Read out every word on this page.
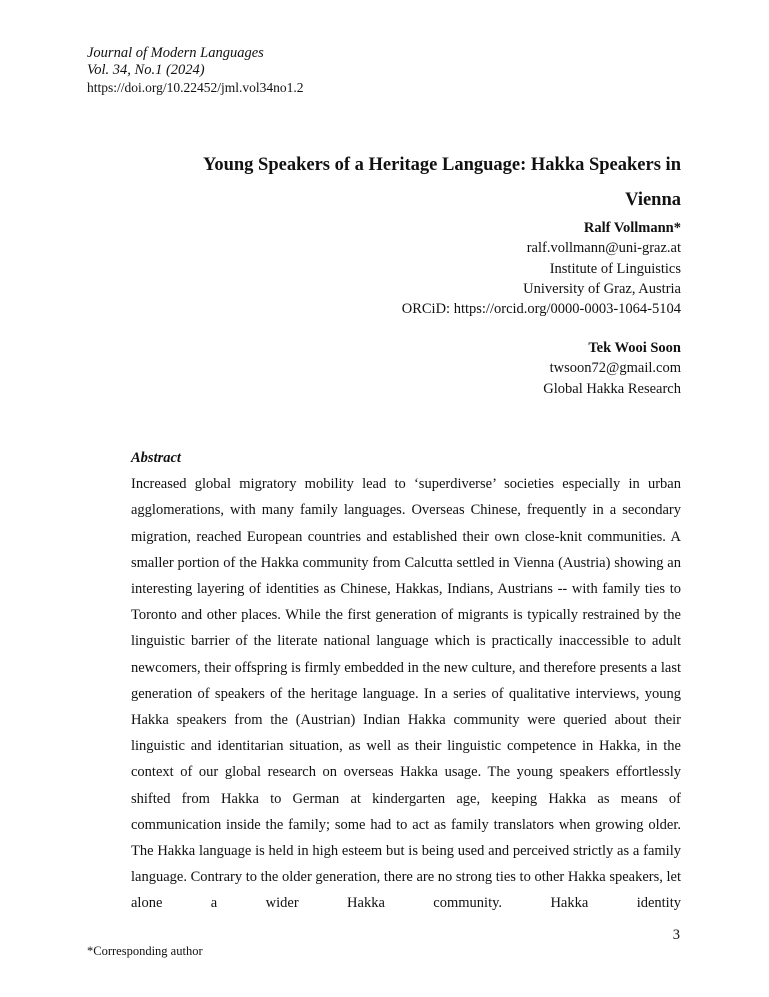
Journal of Modern Languages
Vol. 34, No.1 (2024)
https://doi.org/10.22452/jml.vol34no1.2
Young Speakers of a Heritage Language: Hakka Speakers in
Vienna
Ralf Vollmann*
ralf.vollmann@uni-graz.at
Institute of Linguistics
University of Graz, Austria
ORCiD: https://orcid.org/0000-0003-1064-5104
Tek Wooi Soon
twsoon72@gmail.com
Global Hakka Research

Abstract

Increased global migratory mobility lead to ‘superdiverse’ societies especially in urban agglomerations, with many family languages. Overseas Chinese, frequently in a secondary migration, reached European countries and established their own close-knit communities. A smaller portion of the Hakka community from Calcutta settled in Vienna (Austria) showing an interesting layering of identities as Chinese, Hakkas, Indians, Austrians -- with family ties to Toronto and other places. While the first generation of migrants is typically restrained by the linguistic barrier of the literate national language which is practically inaccessible to adult newcomers, their offspring is firmly embedded in the new culture, and therefore presents a last generation of speakers of the heritage language. In a series of qualitative interviews, young Hakka speakers from the (Austrian) Indian Hakka community were queried about their linguistic and identitarian situation, as well as their linguistic competence in Hakka, in the context of our global research on overseas Hakka usage. The young speakers effortlessly shifted from Hakka to German at kindergarten age, keeping Hakka as means of communication inside the family; some had to act as family translators when growing older. The Hakka language is held in high esteem but is being used and perceived strictly as a family language. Contrary to the older generation, there are no strong ties to other Hakka speakers, let alone a wider Hakka community. Hakka identity

3
*Corresponding author
